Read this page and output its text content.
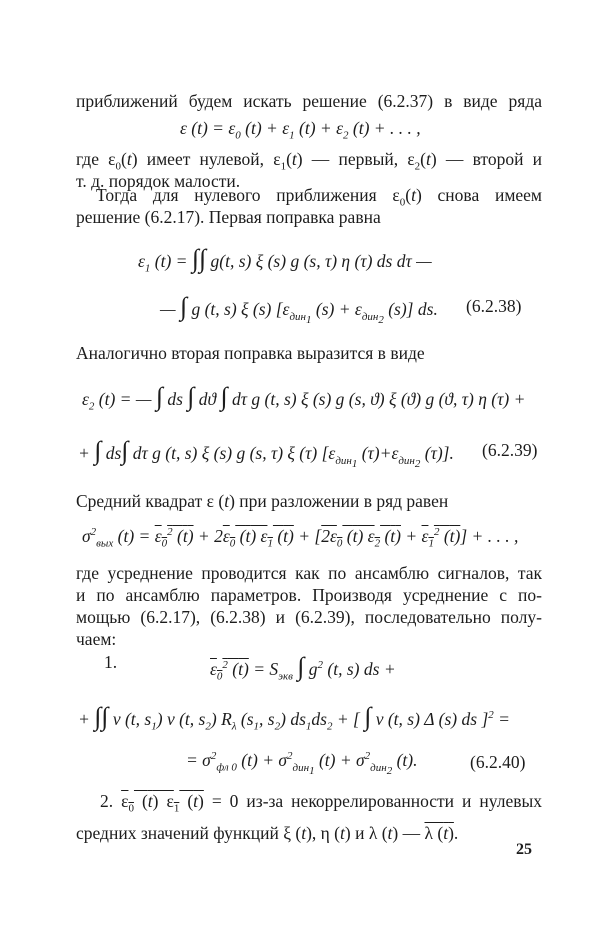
приближений будем искать решение (6.2.37) в виде ряда
ε $(t) = \varepsilon_0$ $(t) + \varepsilon_1$ $(t) + \varepsilon_2$ (t) + . . . ,
где $\varepsilon_0(t)$ имеет нулевой, $\varepsilon_1(t)$ — первый, $\varepsilon_2(t)$ — второй и
т. д. порядок малости.
Тогда для нулевого приближения $\varepsilon_0(t)$ снова имеем
решение (6.2.17). Первая поправка равна
$\varepsilon_1$ (t) = ∫∫ g(t, s) ξ (s) g (s, τ) η (τ) ds dτ —
— ∫ g (t, s) ξ (s) [$\varepsilon_{дин_1}$ $(s) + \varepsilon_{дин_2}$ (s)] ds. (6.2.38)
Аналогично вторая поправка выразится в виде
$\varepsilon_2$ (t) = — ∫ ds ∫ dϑ ∫ dτ g (t, s) ξ (s) g (s, ϑ) ξ (ϑ) g (ϑ, τ) η (τ) +
+ ∫ ds∫ dτ g (t, s) ξ (s) g (s, τ) ξ (τ) [$\varepsilon_{дин_1}$ $(\tau)+\varepsilon_{дин_2}$ (τ)]. (6.2.39)
Средний квадрат ε (t) при разложении в ряд равен
$\sigma^2_{вых}$ $(t) = \varepsilon_0^2$ $(t) + 2\varepsilon_0$ (t) $\varepsilon_1$ $(t) + [2\varepsilon_0$ (t) $\varepsilon_2$ $(t) + \varepsilon_1^2$ (t)] + . . . ,
где усреднение проводится как по ансамблю сигналов, так
и по ансамблю параметров. Производя усреднение с по-
мощью (6.2.17), (6.2.38) и (6.2.39), последовательно полу-
чаем:
1.	$\varepsilon_0^2$ $(t) = S_{экв}$ ∫ $g^2$ (t, s) ds +
+ ∫∫ v (t, $s_1$) v (t, $s_2$) $R_\lambda$ ($s_1$, $s_2$) $ds_1ds_2$ + [ ∫ v (t, s) Δ (s) ds ]$^2$ =
= $\sigma^2_{фл 0}$ $(t) + \sigma^2_{дин_1}$ $(t) + \sigma^2_{дин_2}$ (t).	(6.2.40)
2. $\varepsilon_0$ (t) $\varepsilon_1$ (t) = 0 из-за некоррелированности и нулевых
средних значений функций ξ (t), η (t) и λ (t) — λ (t).
25
